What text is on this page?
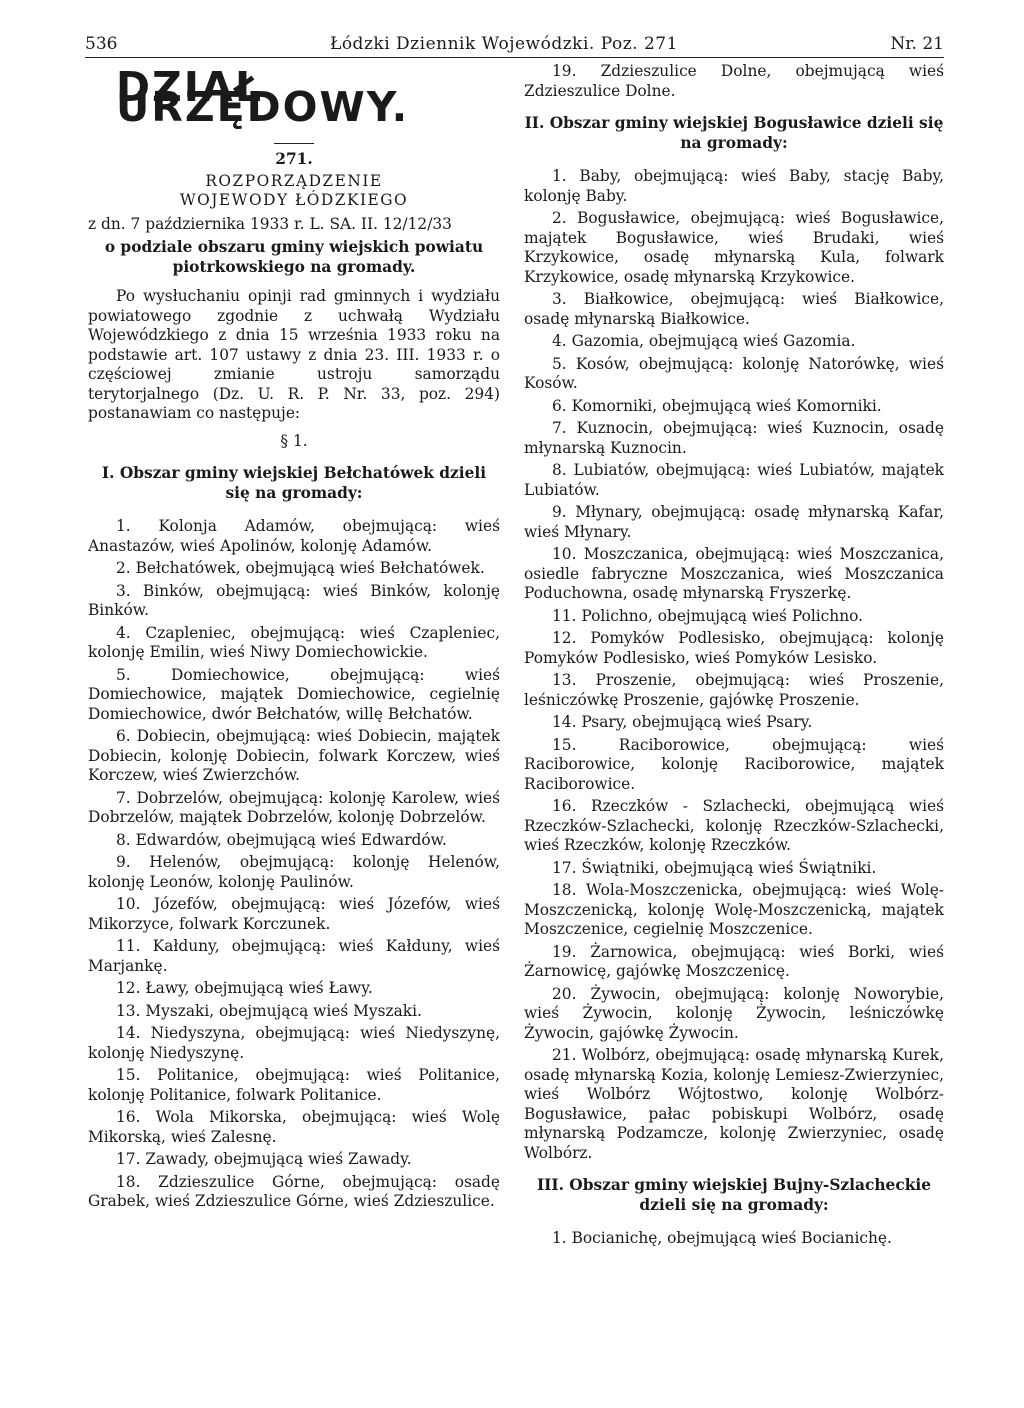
536	Łódzki Dziennik Wojewódzki. Poz. 271	Nr. 21
DZIAŁ URZĘDOWY.
271.
ROZPORZĄDZENIE
WOJEWODY ŁÓDZKIEGO
z dn. 7 października 1933 r. L. SA. II. 12/12/33
o podziale obszaru gminy wiejskich powiatu piotrkowskiego na gromady.

Po wysłuchaniu opinji rad gminnych i wydziału powiatowego zgodnie z uchwałą Wydziału Wojewódzkiego z dnia 15 września 1933 roku na podstawie art. 107 ustawy z dnia 23. III. 1933 r. o częściowej zmianie ustroju samorządu terytorjalnego (Dz. U. R. P. Nr. 33, poz. 294) postanawiam co następuje:

§ 1.
I. Obszar gminy wiejskiej Bełchatówek dzieli się na gromady:

1. Kolonja Adamów, obejmującą: wieś Anastazów, wieś Apolinów, kolonję Adamów.

2. Bełchatówek, obejmującą wieś Bełchatówek.

3. Binków, obejmującą: wieś Binków, kolonję Binków.

4. Czapleniec, obejmującą: wieś Czapleniec, kolonję Emilin, wieś Niwy Domiechowickie.

5. Domiechowice, obejmującą: wieś Domiechowice, majątek Domiechowice, cegielnię Domiechowice, dwór Bełchatów, willę Bełchatów.

6. Dobiecin, obejmującą: wieś Dobiecin, majątek Dobiecin, kolonję Dobiecin, folwark Korczew, wieś Korczew, wieś Zwierzchów.

7. Dobrzelów, obejmującą: kolonję Karolew, wieś Dobrzelów, majątek Dobrzelów, kolonję Dobrzelów.

8. Edwardów, obejmującą wieś Edwardów.

9. Helenów, obejmującą: kolonję Helenów, kolonję Leonów, kolonję Paulinów.

10. Józefów, obejmującą: wieś Józefów, wieś Mikorzyce, folwark Korczunek.

11. Kałduny, obejmującą: wieś Kałduny, wieś Marjankę.

12. Ławy, obejmującą wieś Ławy.

13. Myszaki, obejmującą wieś Myszaki.

14. Niedyszyna, obejmującą: wieś Niedyszynę, kolonję Niedyszynę.

15. Politanice, obejmującą: wieś Politanice, kolonję Politanice, folwark Politanice.

16. Wola Mikorska, obejmującą: wieś Wolę Mikorską, wieś Zalesnę.

17. Zawady, obejmującą wieś Zawady.

18. Zdzieszulice Górne, obejmującą: osadę Grabek, wieś Zdzieszulice Górne, wieś Zdzieszulice.

19. Zdzieszulice Dolne, obejmującą wieś Zdzieszulice Dolne.

II. Obszar gminy wiejskiej Bogusławice dzieli się na gromady:

1. Baby, obejmującą: wieś Baby, stację Baby, kolonję Baby.

2. Bogusławice, obejmującą: wieś Bogusławice, majątek Bogusławice, wieś Brudaki, wieś Krzykowice, osadę młynarską Kula, folwark Krzykowice, osadę młynarską Krzykowice.

3. Białkowice, obejmującą: wieś Białkowice, osadę młynarską Białkowice.

4. Gazomia, obejmującą wieś Gazomia.

5. Kosów, obejmującą: kolonję Natorówkę, wieś Kosów.

6. Komorniki, obejmującą wieś Komorniki.

7. Kuznocin, obejmującą: wieś Kuznocin, osadę młynarską Kuznocin.

8. Lubiatów, obejmującą: wieś Lubiatów, majątek Lubiatów.

9. Młynary, obejmującą: osadę młynarską Kafar, wieś Młynary.

10. Moszczanica, obejmującą: wieś Moszczanica, osiedle fabryczne Moszczanica, wieś Moszczanica Poduchowna, osadę młynarską Fryszerkę.

11. Polichno, obejmującą wieś Polichno.

12. Pomyków Podlesisko, obejmującą: kolonję Pomyków Podlesisko, wieś Pomyków Lesisko.

13. Proszenie, obejmującą: wieś Proszenie, leśniczówkę Proszenie, gajówkę Proszenie.

14. Psary, obejmującą wieś Psary.

15. Raciborowice, obejmującą: wieś Raciborowice, kolonję Raciborowice, majątek Raciborowice.

16. Rzeczków - Szlachecki, obejmującą wieś Rzeczków-Szlachecki, kolonję Rzeczków-Szlachecki, wieś Rzeczków, kolonję Rzeczków.

17. Świątniki, obejmującą wieś Świątniki.

18. Wola-Moszczenicka, obejmującą: wieś Wolę-Moszczenicką, kolonję Wolę-Moszczenicką, majątek Moszczenice, cegielnię Moszczenice.

19. Żarnowica, obejmującą: wieś Borki, wieś Żarnowicę, gajówkę Moszczenicę.

20. Żywocin, obejmującą: kolonję Noworybie, wieś Żywocin, kolonję Żywocin, leśniczówkę Żywocin, gajówkę Żywocin.

21. Wolbórz, obejmującą: osadę młynarską Kurek, osadę młynarską Kozia, kolonję Lemiesz-Zwierzyniec, wieś Wolbórz Wójtostwo, kolonję Wolbórz-Bogusławice, pałac pobiskupi Wolbórz, osadę młynarską Podzamcze, kolonję Zwierzyniec, osadę Wolbórz.

III. Obszar gminy wiejskiej Bujny-Szlacheckie dzieli się na gromady:

1. Bocianichę, obejmującą wieś Bocianichę.
